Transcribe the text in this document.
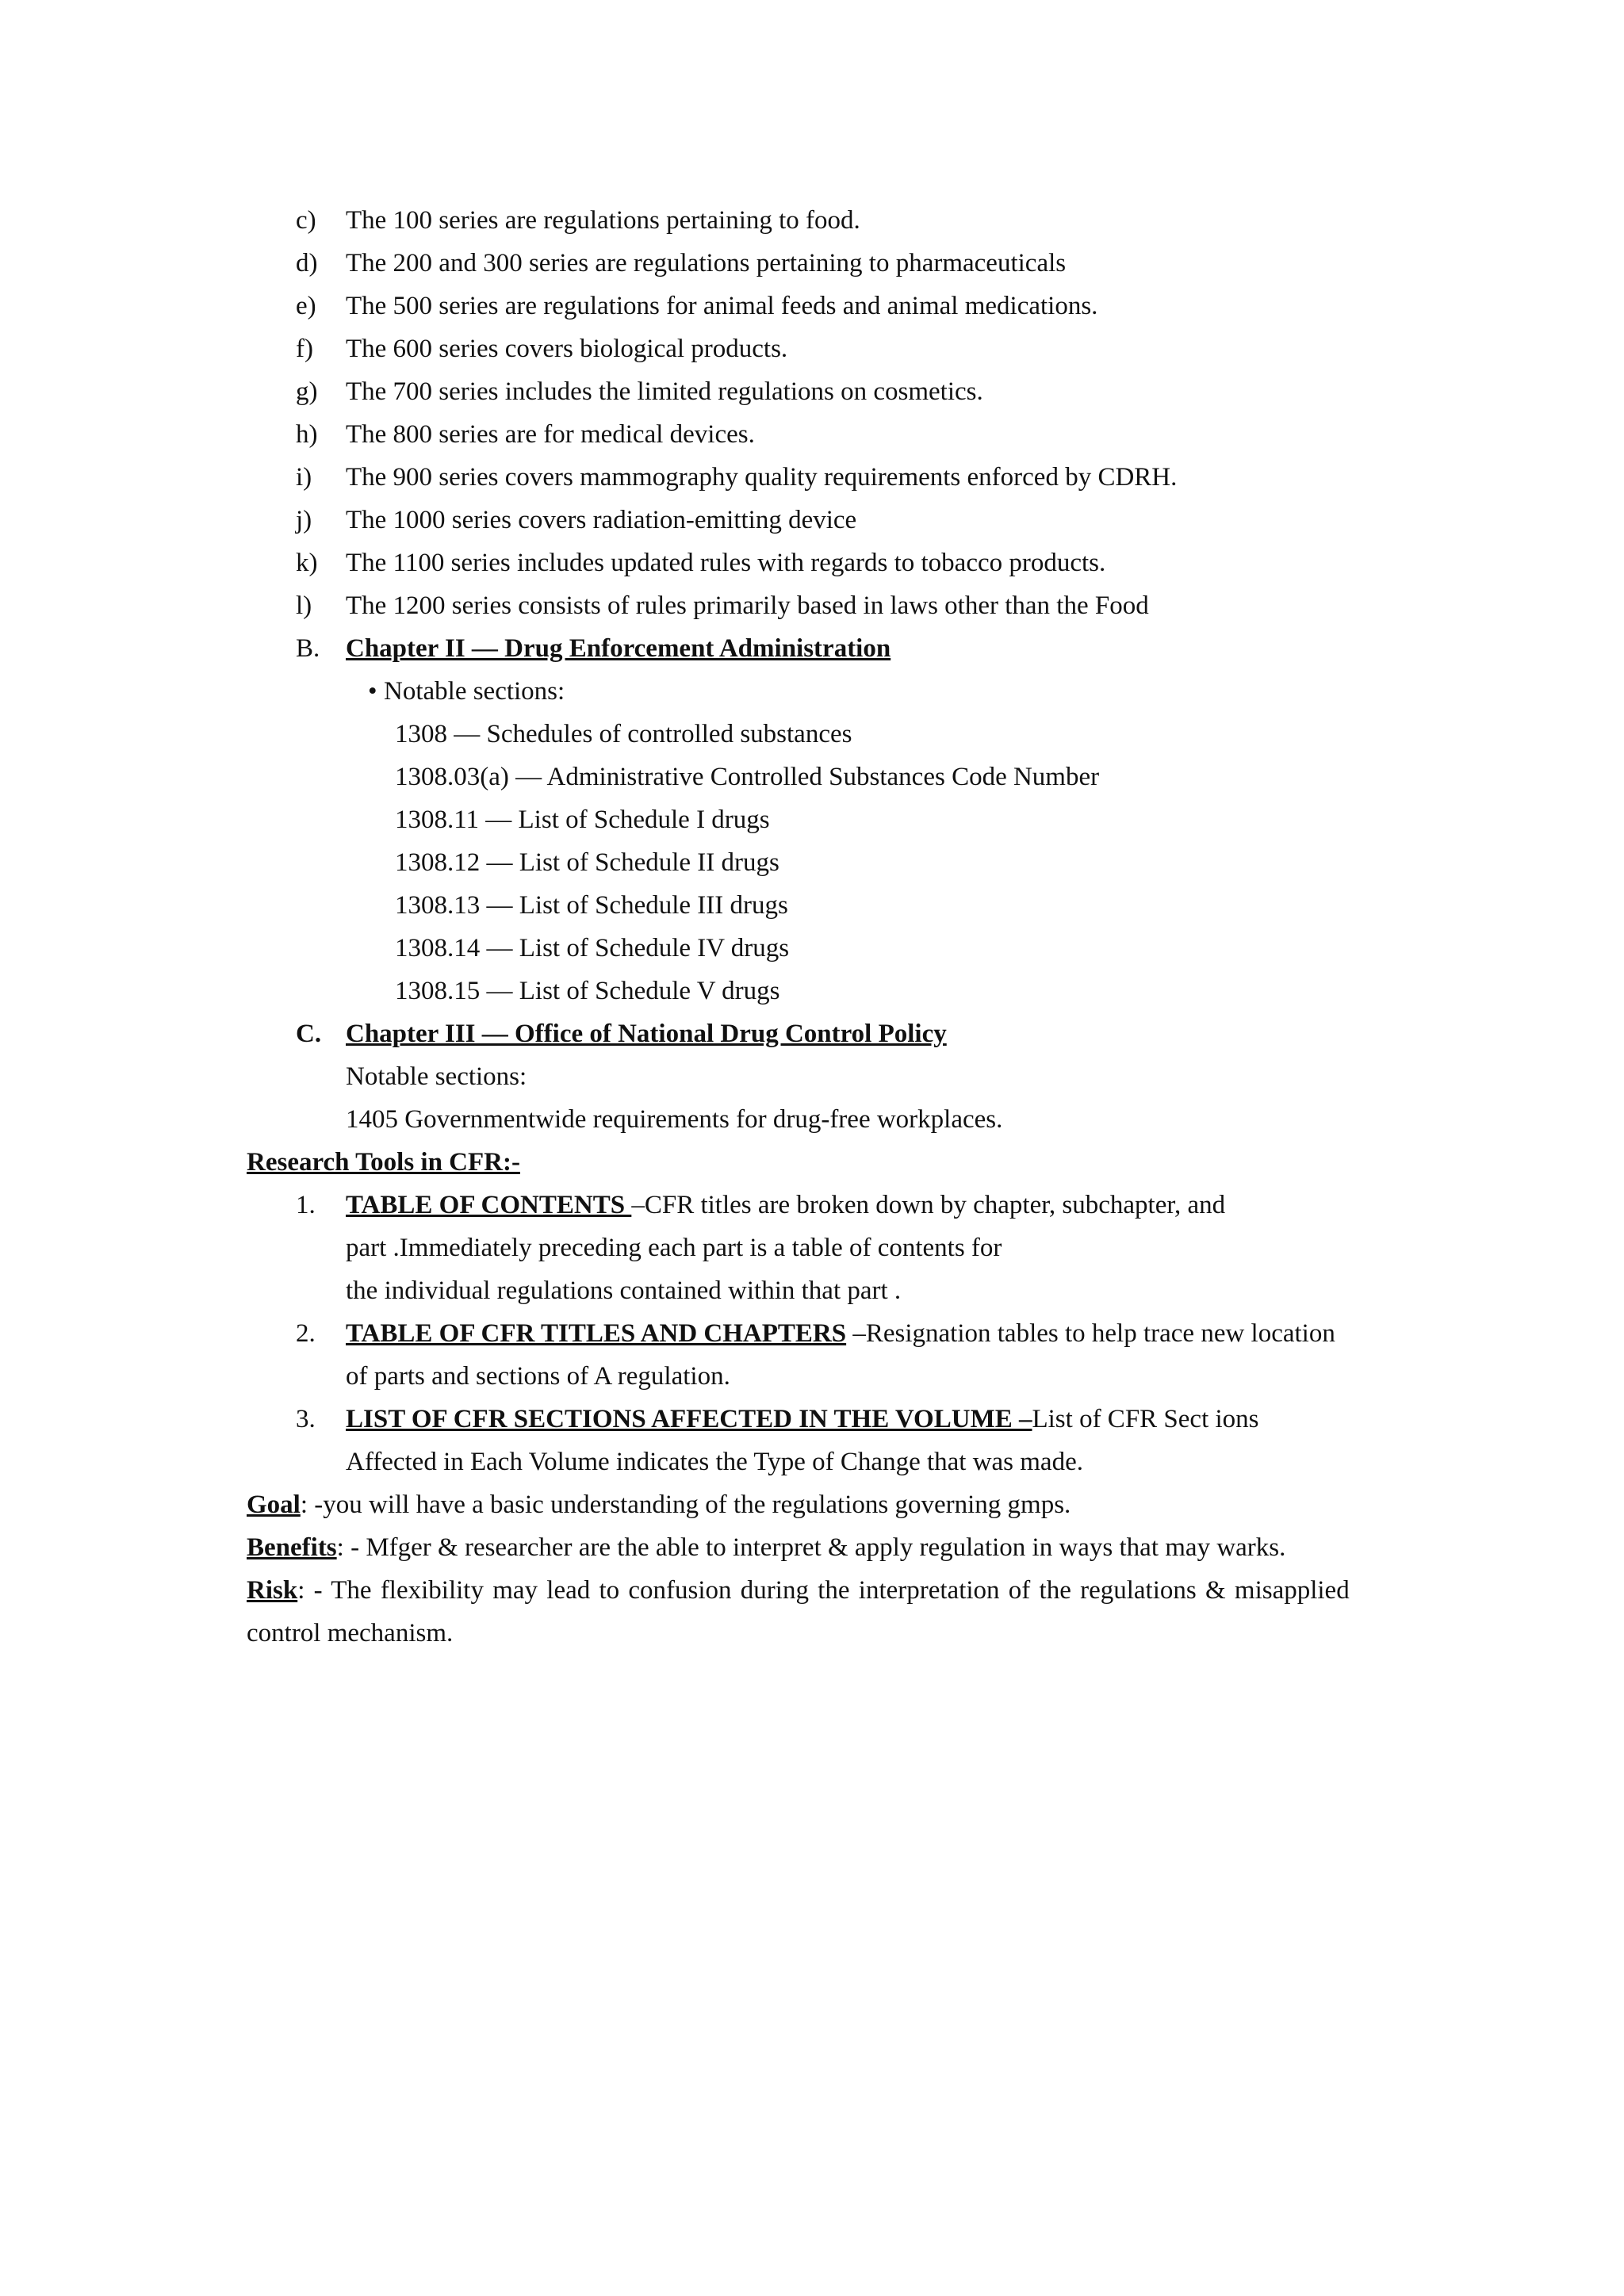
c) The 100 series are regulations pertaining to food.
d) The 200 and 300 series are regulations pertaining to pharmaceuticals
e) The 500 series are regulations for animal feeds and animal medications.
f) The 600 series covers biological products.
g) The 700 series includes the limited regulations on cosmetics.
h) The 800 series are for medical devices.
i) The 900 series covers mammography quality requirements enforced by CDRH.
j) The 1000 series covers radiation-emitting device
k) The 1100 series includes updated rules with regards to tobacco products.
l) The 1200 series consists of rules primarily based in laws other than the Food
B. Chapter II — Drug Enforcement Administration
• Notable sections:
1308 — Schedules of controlled substances
1308.03(a) — Administrative Controlled Substances Code Number
1308.11 — List of Schedule I drugs
1308.12 — List of Schedule II drugs
1308.13 — List of Schedule III drugs
1308.14 — List of Schedule IV drugs
1308.15 — List of Schedule V drugs
C. Chapter III — Office of National Drug Control Policy
Notable sections:
1405 Governmentwide requirements for drug-free workplaces.
Research Tools in CFR:-
1. TABLE OF CONTENTS –CFR titles are broken down by chapter, subchapter, and
part .Immediately preceding each part is a table of contents for
the individual regulations contained within that part .
2. TABLE OF CFR TITLES AND CHAPTERS –Resignation tables to help trace new location
of parts and sections of A regulation.
3. LIST OF CFR SECTIONS AFFECTED IN THE VOLUME –List of CFR Sect ions
Affected in Each Volume indicates the Type of Change that was made.
Goal: -you will have a basic understanding of the regulations governing gmps.
Benefits: - Mfger & researcher are the able to interpret & apply regulation in ways that may warks.
Risk: - The flexibility may lead to confusion during the interpretation of the regulations & misapplied
control mechanism.
